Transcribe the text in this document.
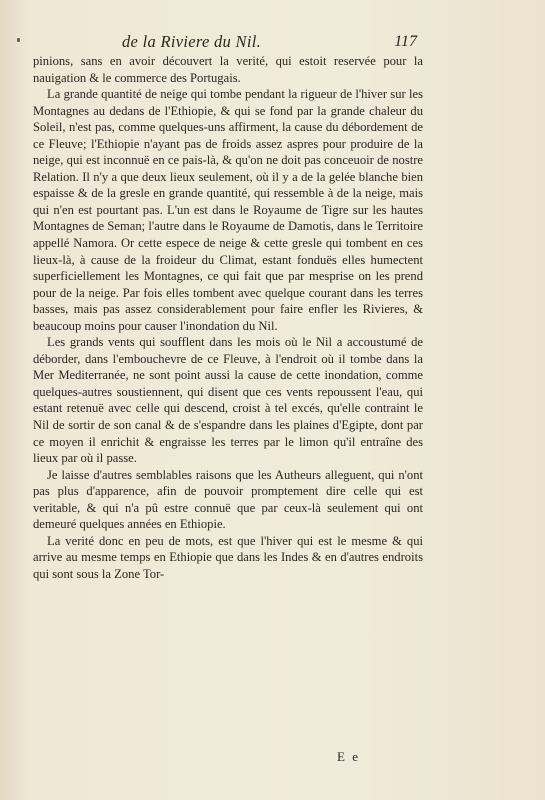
de la Riviere du Nil.	117

pinions, sans en avoir découvert la verité, qui estoit reservée pour la nauigation & le commerce des Portugais.

La grande quantité de neige qui tombe pendant la rigueur de l'hiver sur les Montagnes au dedans de l'Ethiopie, & qui se fond par la grande chaleur du Soleil, n'est pas, comme quelques-uns affirment, la cause du débordement de ce Fleuve; l'Ethiopie n'ayant pas de froids assez aspres pour produire de la neige, qui est inconnuë en ce pais-là, & qu'on ne doit pas conceuoir de nostre Relation. Il n'y a que deux lieux seulement, où il y a de la gelée blanche bien espaisse & de la gresle en grande quantité, qui ressemble à de la neige, mais qui n'en est pourtant pas. L'un est dans le Royaume de Tigre sur les hautes Montagnes de Seman; l'autre dans le Royaume de Damotis, dans le Territoire appellé Namora. Or cette espece de neige & cette gresle qui tombent en ces lieux-là, à cause de la froideur du Climat, estant fonduës elles humectent superficiellement les Montagnes, ce qui fait que par mesprise on les prend pour de la neige. Par fois elles tombent avec quelque courant dans les terres basses, mais pas assez considerablement pour faire enfler les Rivieres, & beaucoup moins pour causer l'inondation du Nil.

Les grands vents qui soufflent dans les mois où le Nil a accoustumé de déborder, dans l'embouchevre de ce Fleuve, à l'endroit où il tombe dans la Mer Mediterranée, ne sont point aussi la cause de cette inondation, comme quelques-autres soustiennent, qui disent que ces vents repoussent l'eau, qui estant retenuë avec celle qui descend, croist à tel excés, qu'elle contraint le Nil de sortir de son canal & de s'espandre dans les plaines d'Egipte, dont par ce moyen il enrichit & engraisse les terres par le limon qu'il entraîne des lieux par où il passe.

Je laisse d'autres semblables raisons que les Autheurs alleguent, qui n'ont pas plus d'apparence, afin de pouvoir promptement dire celle qui est veritable, & qui n'a pû estre connuë que par ceux-là seulement qui ont demeuré quelques années en Ethiopie.

La verité donc en peu de mots, est que l'hiver qui est le mesme & qui arrive au mesme temps en Ethiopie que dans les Indes & en d'autres endroits qui sont sous la Zone Tor-

E e
